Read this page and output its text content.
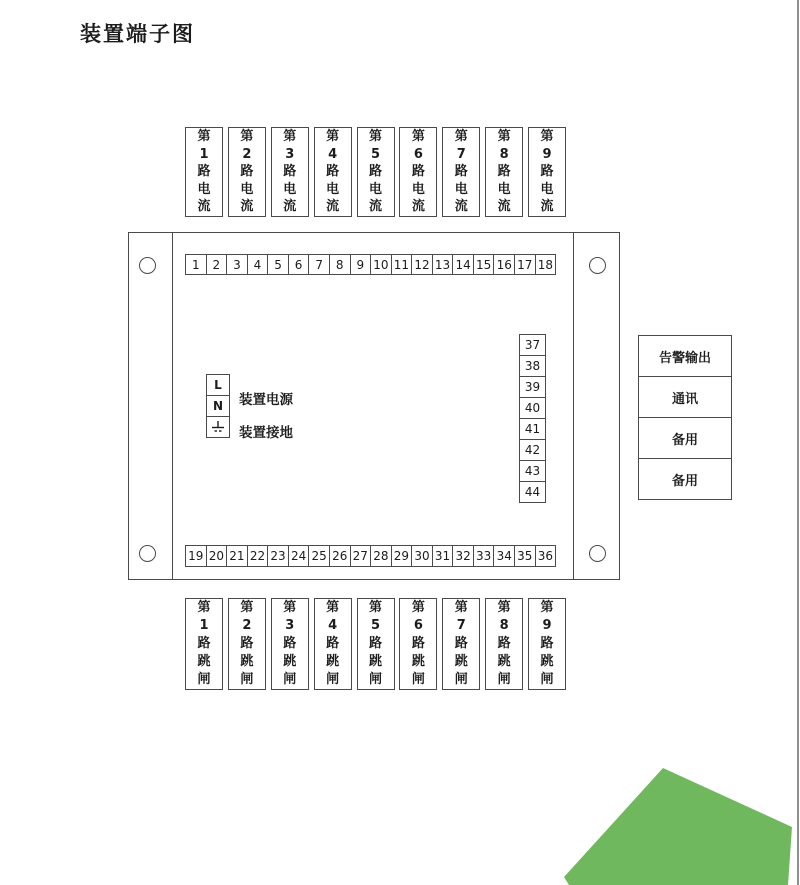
装置端子图
第1路电流
第2路电流
第3路电流
第4路电流
第5路电流
第6路电流
第7路电流
第8路电流
第9路电流
1	2	3	4	5	6	7	8	9 10 11 12 13 14 15 16 17 18
19 20 21 22 23 24 25 26 27 28 29 30 31 32 33 34 35 36
37
38
39
40
41
42
43
44
L
N	装置电源
装置接地
告警输出
通讯
备用
备用
第1路跳闸
第2路跳闸
第3路跳闸
第4路跳闸
第5路跳闸
第6路跳闸
第7路跳闸
第8路跳闸
第9路跳闸
